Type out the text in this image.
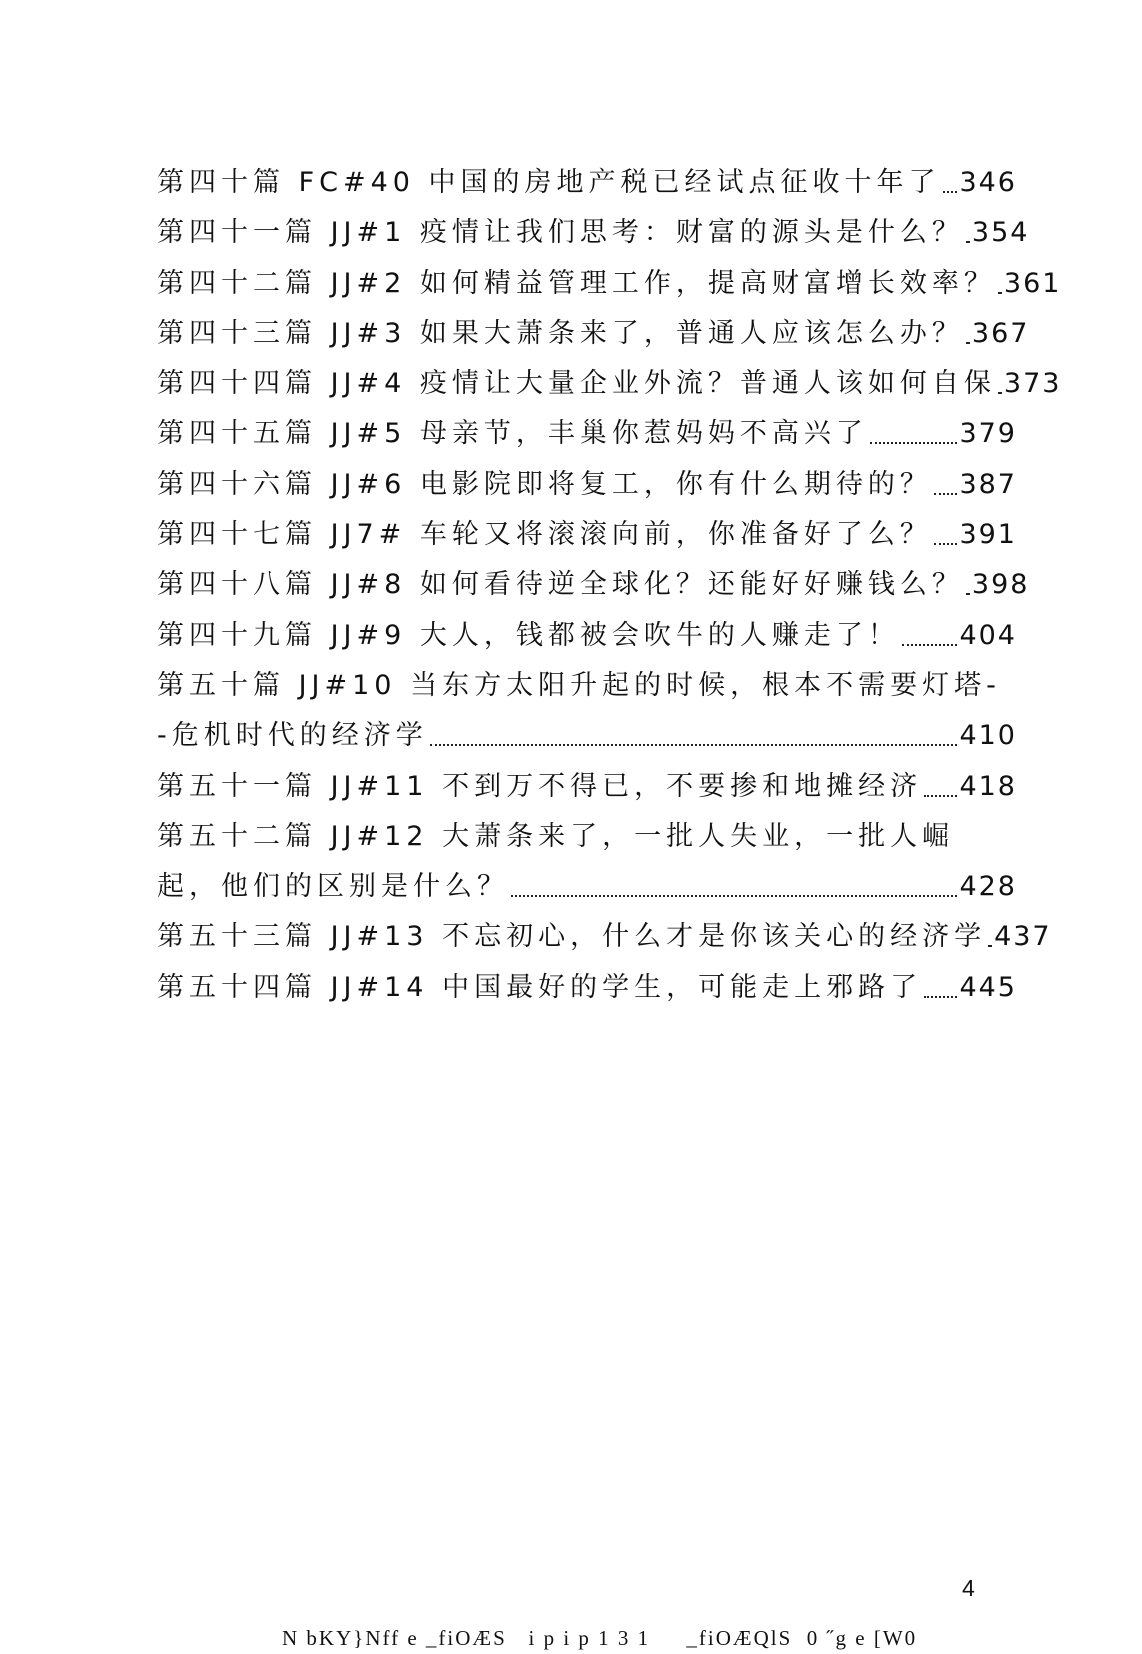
第四十篇 FC#40 中国的房地产税已经试点征收十年了 346
第四十一篇 JJ#1 疫情让我们思考：财富的源头是什么？ 354
第四十二篇 JJ#2 如何精益管理工作，提高财富增长效率？ 361
第四十三篇 JJ#3 如果大萧条来了，普通人应该怎么办？ 367
第四十四篇 JJ#4 疫情让大量企业外流？普通人该如何自保 373
第四十五篇 JJ#5 母亲节，丰巢你惹妈妈不高兴了	379
第四十六篇 JJ#6 电影院即将复工，你有什么期待的？ 387
第四十七篇 JJ7# 车轮又将滚滚向前，你准备好了么？ 391
第四十八篇 JJ#8 如何看待逆全球化？还能好好赚钱么？ 398
第四十九篇 JJ#9 大人，钱都被会吹牛的人赚走了！ 404
第五十篇 JJ#10 当东方太阳升起的时候，根本不需要灯塔-
-危机时代的经济学	410
第五十一篇 JJ#11 不到万不得已，不要掺和地摊经济 418
第五十二篇 JJ#12 大萧条来了，一批人失业，一批人崛
起，他们的区别是什么？	428
第五十三篇 JJ#13 不忘初心，什么才是你该关心的经济学 437
第五十四篇 JJ#14 中国最好的学生，可能走上邪路了 445
4
N bKY}Nff e _fiOÆS   i p i p 1 3 1     _fiOÆQlS  0 ˝g e [W0
